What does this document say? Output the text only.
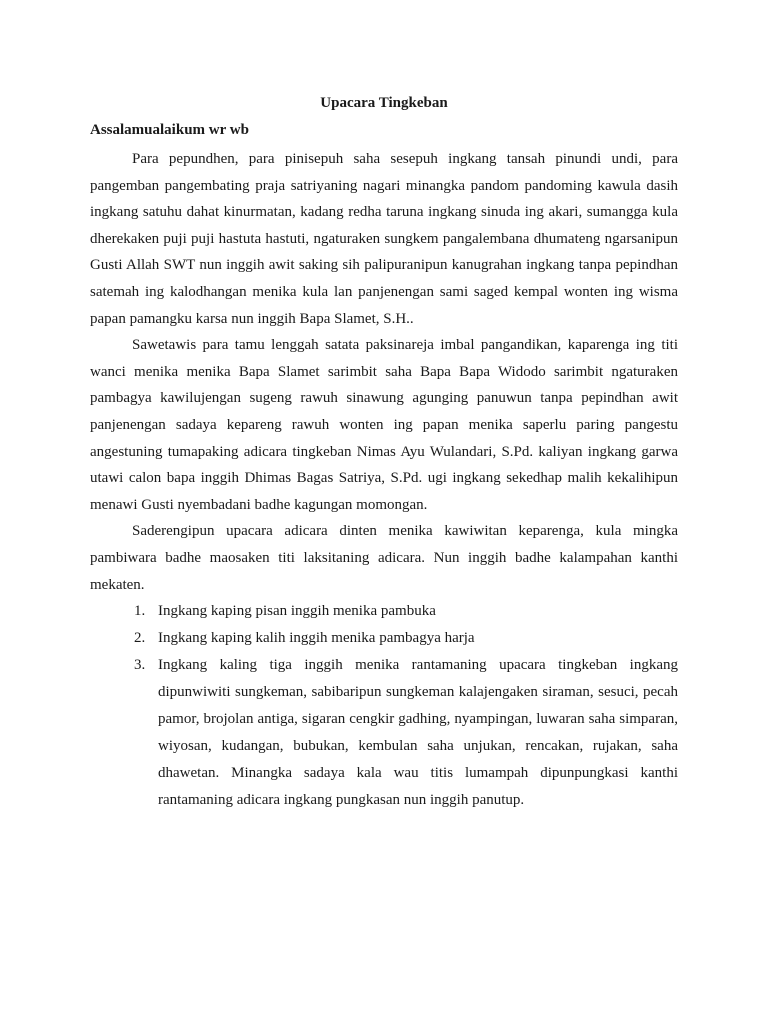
Upacara Tingkeban
Assalamualaikum wr wb

Para pepundhen, para pinisepuh saha sesepuh ingkang tansah pinundi undi, para pangemban pangembating praja satriyaning nagari minangka pandom pandoming kawula dasih ingkang satuhu dahat kinurmatan, kadang redha taruna ingkang sinuda ing akari, sumangga kula dherekaken puji puji hastuta hastuti, ngaturaken sungkem pangalembana dhumateng ngarsanipun Gusti Allah SWT nun inggih awit saking sih palipuranipun kanugrahan ingkang tanpa pepindhan satemah ing kalodhangan menika kula lan panjenengan sami saged kempal wonten ing wisma papan pamangku karsa nun inggih Bapa Slamet, S.H..

Sawetawis para tamu lenggah satata paksinareja imbal pangandikan, kaparenga ing titi wanci menika menika Bapa Slamet sarimbit saha Bapa Bapa Widodo sarimbit ngaturaken pambagya kawilujengan sugeng rawuh sinawung agunging panuwun tanpa pepindhan awit panjenengan sadaya kepareng rawuh wonten ing papan menika saperlu paring pangestu angestuning tumapaking adicara tingkeban Nimas Ayu Wulandari, S.Pd. kaliyan ingkang garwa utawi calon bapa inggih Dhimas Bagas Satriya, S.Pd. ugi ingkang sekedhap malih kekalihipun menawi Gusti nyembadani badhe kagungan momongan.

Saderengipun upacara adicara dinten menika kawiwitan keparenga, kula mingka pambiwara badhe maosaken titi laksitaning adicara. Nun inggih badhe kalampahan kanthi mekaten.

1. Ingkang kaping pisan inggih menika pambuka
2. Ingkang kaping kalih inggih menika pambagya harja
3. Ingkang kaling tiga inggih menika rantamaning upacara tingkeban ingkang dipunwiwiti sungkeman, sabibaripun sungkeman kalajengaken siraman, sesuci, pecah pamor, brojolan antiga, sigaran cengkir gadhing, nyampingan, luwaran saha simparan, wiyosan, kudangan, bubukan, kembulan saha unjukan, rencakan, rujakan, saha dhawetan. Minangka sadaya kala wau titis lumampah dipunpungkasi kanthi rantamaning adicara ingkang pungkasan nun inggih panutup.
